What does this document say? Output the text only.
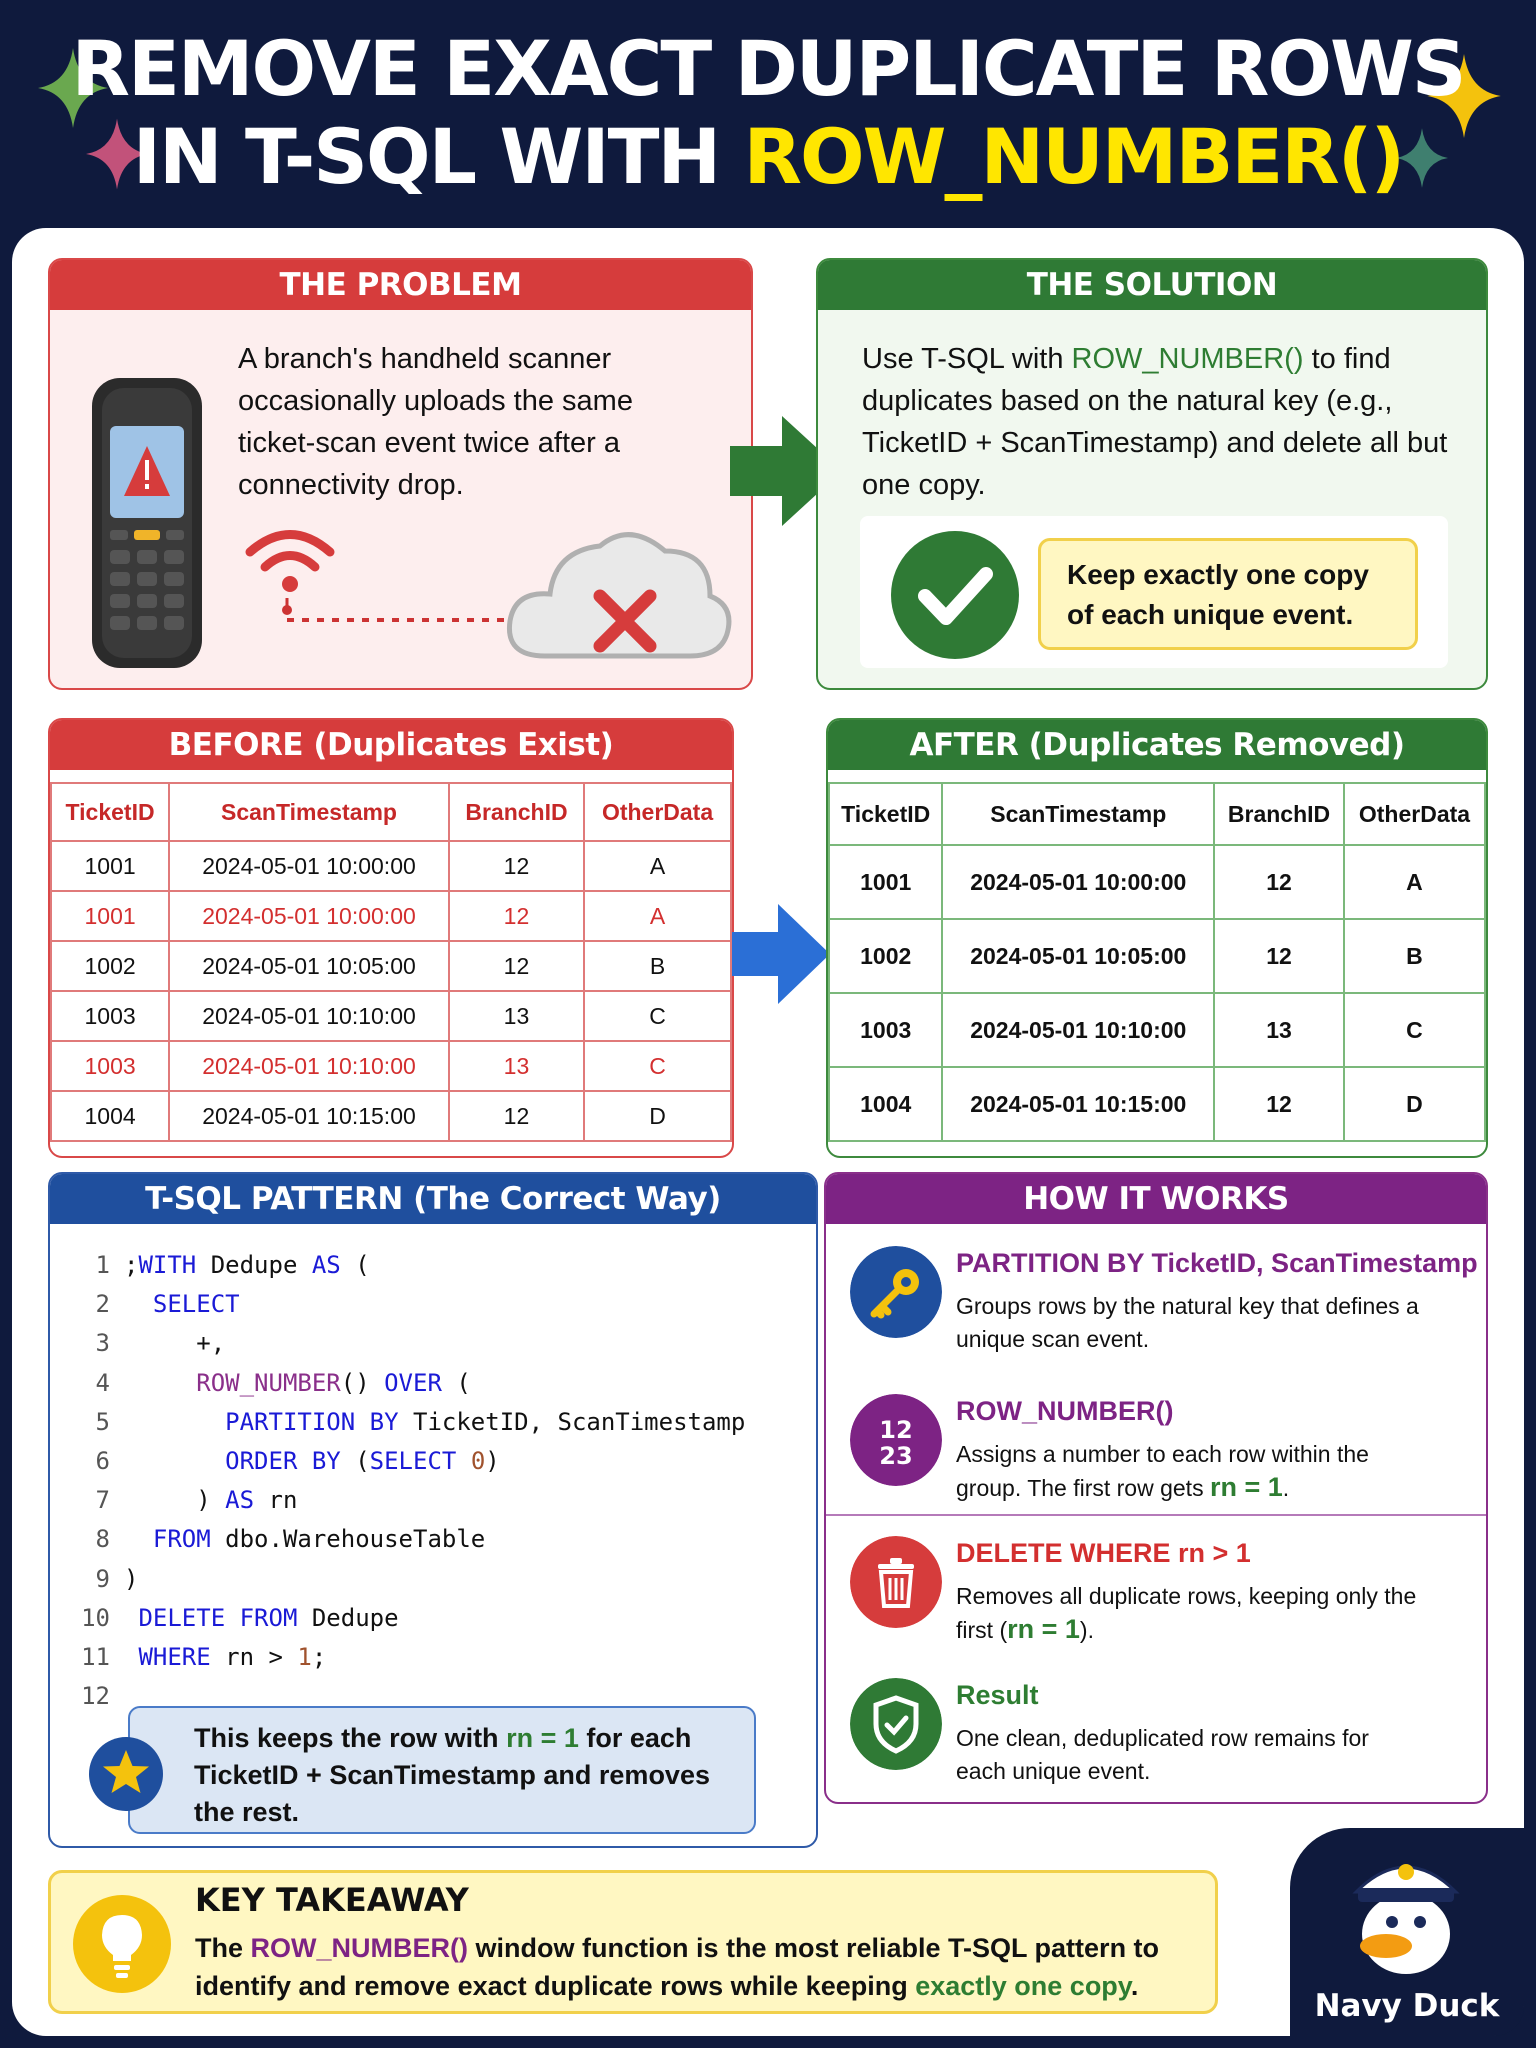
REMOVE EXACT DUPLICATE ROWS
IN T-SQL WITH ROW_NUMBER()
THE PROBLEM
A branch's handheld scanner occasionally uploads the same ticket-scan event twice after a connectivity drop.
THE SOLUTION
Use T-SQL with ROW_NUMBER() to find duplicates based on the natural key (e.g., TicketID + ScanTimestamp) and delete all but one copy.
Keep exactly one copy of each unique event.
BEFORE (Duplicates Exist)
TicketID	ScanTimestamp	BranchID	OtherData
1001	2024-05-01 10:00:00	12	A
1001	2024-05-01 10:00:00	12	A
1002	2024-05-01 10:05:00	12	B
1003	2024-05-01 10:10:00	13	C
1003	2024-05-01 10:10:00	13	C
1004	2024-05-01 10:15:00	12	D
AFTER (Duplicates Removed)
TicketID	ScanTimestamp	BranchID	OtherData
1001	2024-05-01 10:00:00	12	A
1002	2024-05-01 10:05:00	12	B
1003	2024-05-01 10:10:00	13	C
1004	2024-05-01 10:15:00	12	D
T-SQL PATTERN (The Correct Way)
1 ;WITH Dedupe AS (
2 SELECT
3     +,
4	ROW_NUMBER() OVER (
5	PARTITION BY TicketID, ScanTimestamp
6	ORDER BY (SELECT 0)
7     ) AS rn
8 FROM dbo.WarehouseTable
9 )
10 DELETE FROM Dedupe
11 WHERE rn > 1;
12
This keeps the row with rn = 1 for each TicketID + ScanTimestamp and removes the rest.
HOW IT WORKS
PARTITION BY TicketID, ScanTimestamp
Groups rows by the natural key that defines a unique scan event.
12
23
ROW_NUMBER()
Assigns a number to each row within the group. The first row gets rn = 1.
DELETE WHERE rn > 1
Removes all duplicate rows, keeping only the first (rn = 1).
Result
One clean, deduplicated row remains for each unique event.
KEY TAKEAWAY
The ROW_NUMBER() window function is the most reliable T-SQL pattern to identify and remove exact duplicate rows while keeping exactly one copy.
Navy Duck
